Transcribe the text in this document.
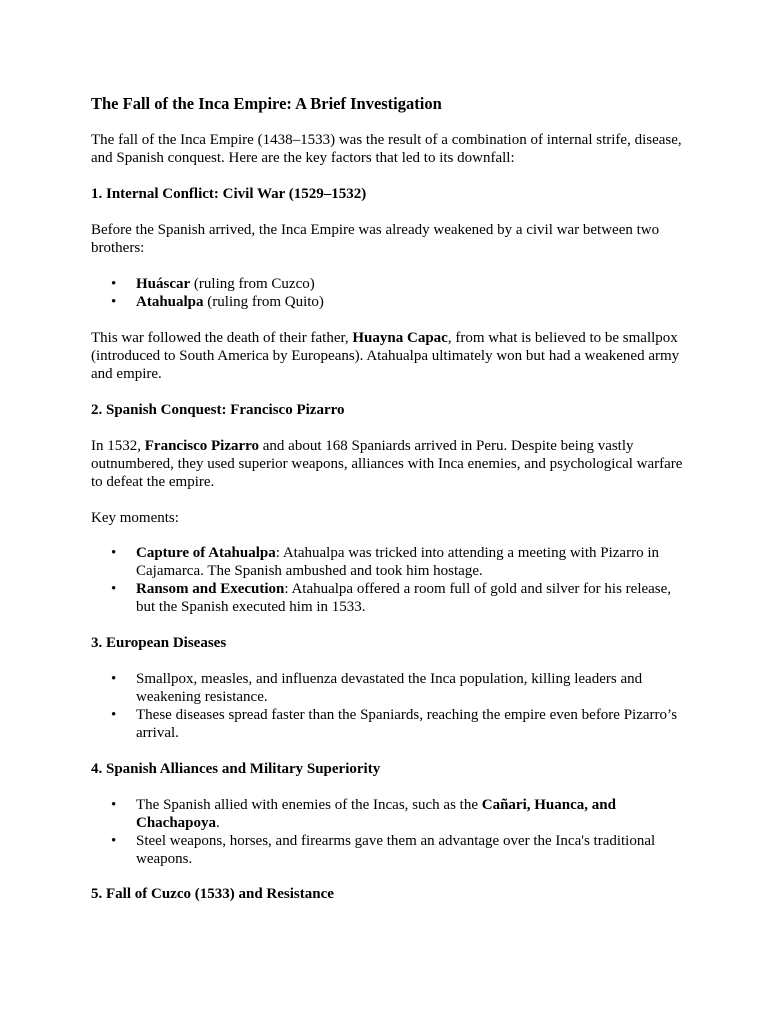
The Fall of the Inca Empire: A Brief Investigation

The fall of the Inca Empire (1438–1533) was the result of a combination of internal strife, disease, and Spanish conquest. Here are the key factors that led to its downfall:

1. Internal Conflict: Civil War (1529–1532)

Before the Spanish arrived, the Inca Empire was already weakened by a civil war between two brothers:

• Huáscar (ruling from Cuzco)
• Atahualpa (ruling from Quito)

This war followed the death of their father, Huayna Capac, from what is believed to be smallpox (introduced to South America by Europeans). Atahualpa ultimately won but had a weakened army and empire.

2. Spanish Conquest: Francisco Pizarro

In 1532, Francisco Pizarro and about 168 Spaniards arrived in Peru. Despite being vastly outnumbered, they used superior weapons, alliances with Inca enemies, and psychological warfare to defeat the empire.

Key moments:
• Capture of Atahualpa: Atahualpa was tricked into attending a meeting with Pizarro in Cajamarca. The Spanish ambushed and took him hostage.
• Ransom and Execution: Atahualpa offered a room full of gold and silver for his release, but the Spanish executed him in 1533.
3. European Diseases
• Smallpox, measles, and influenza devastated the Inca population, killing leaders and weakening resistance.
• These diseases spread faster than the Spaniards, reaching the empire even before Pizarro’s arrival.
4. Spanish Alliances and Military Superiority
• The Spanish allied with enemies of the Incas, such as the Cañari, Huanca, and Chachapoya.
• Steel weapons, horses, and firearms gave them an advantage over the Inca's traditional weapons.
5. Fall of Cuzco (1533) and Resistance
